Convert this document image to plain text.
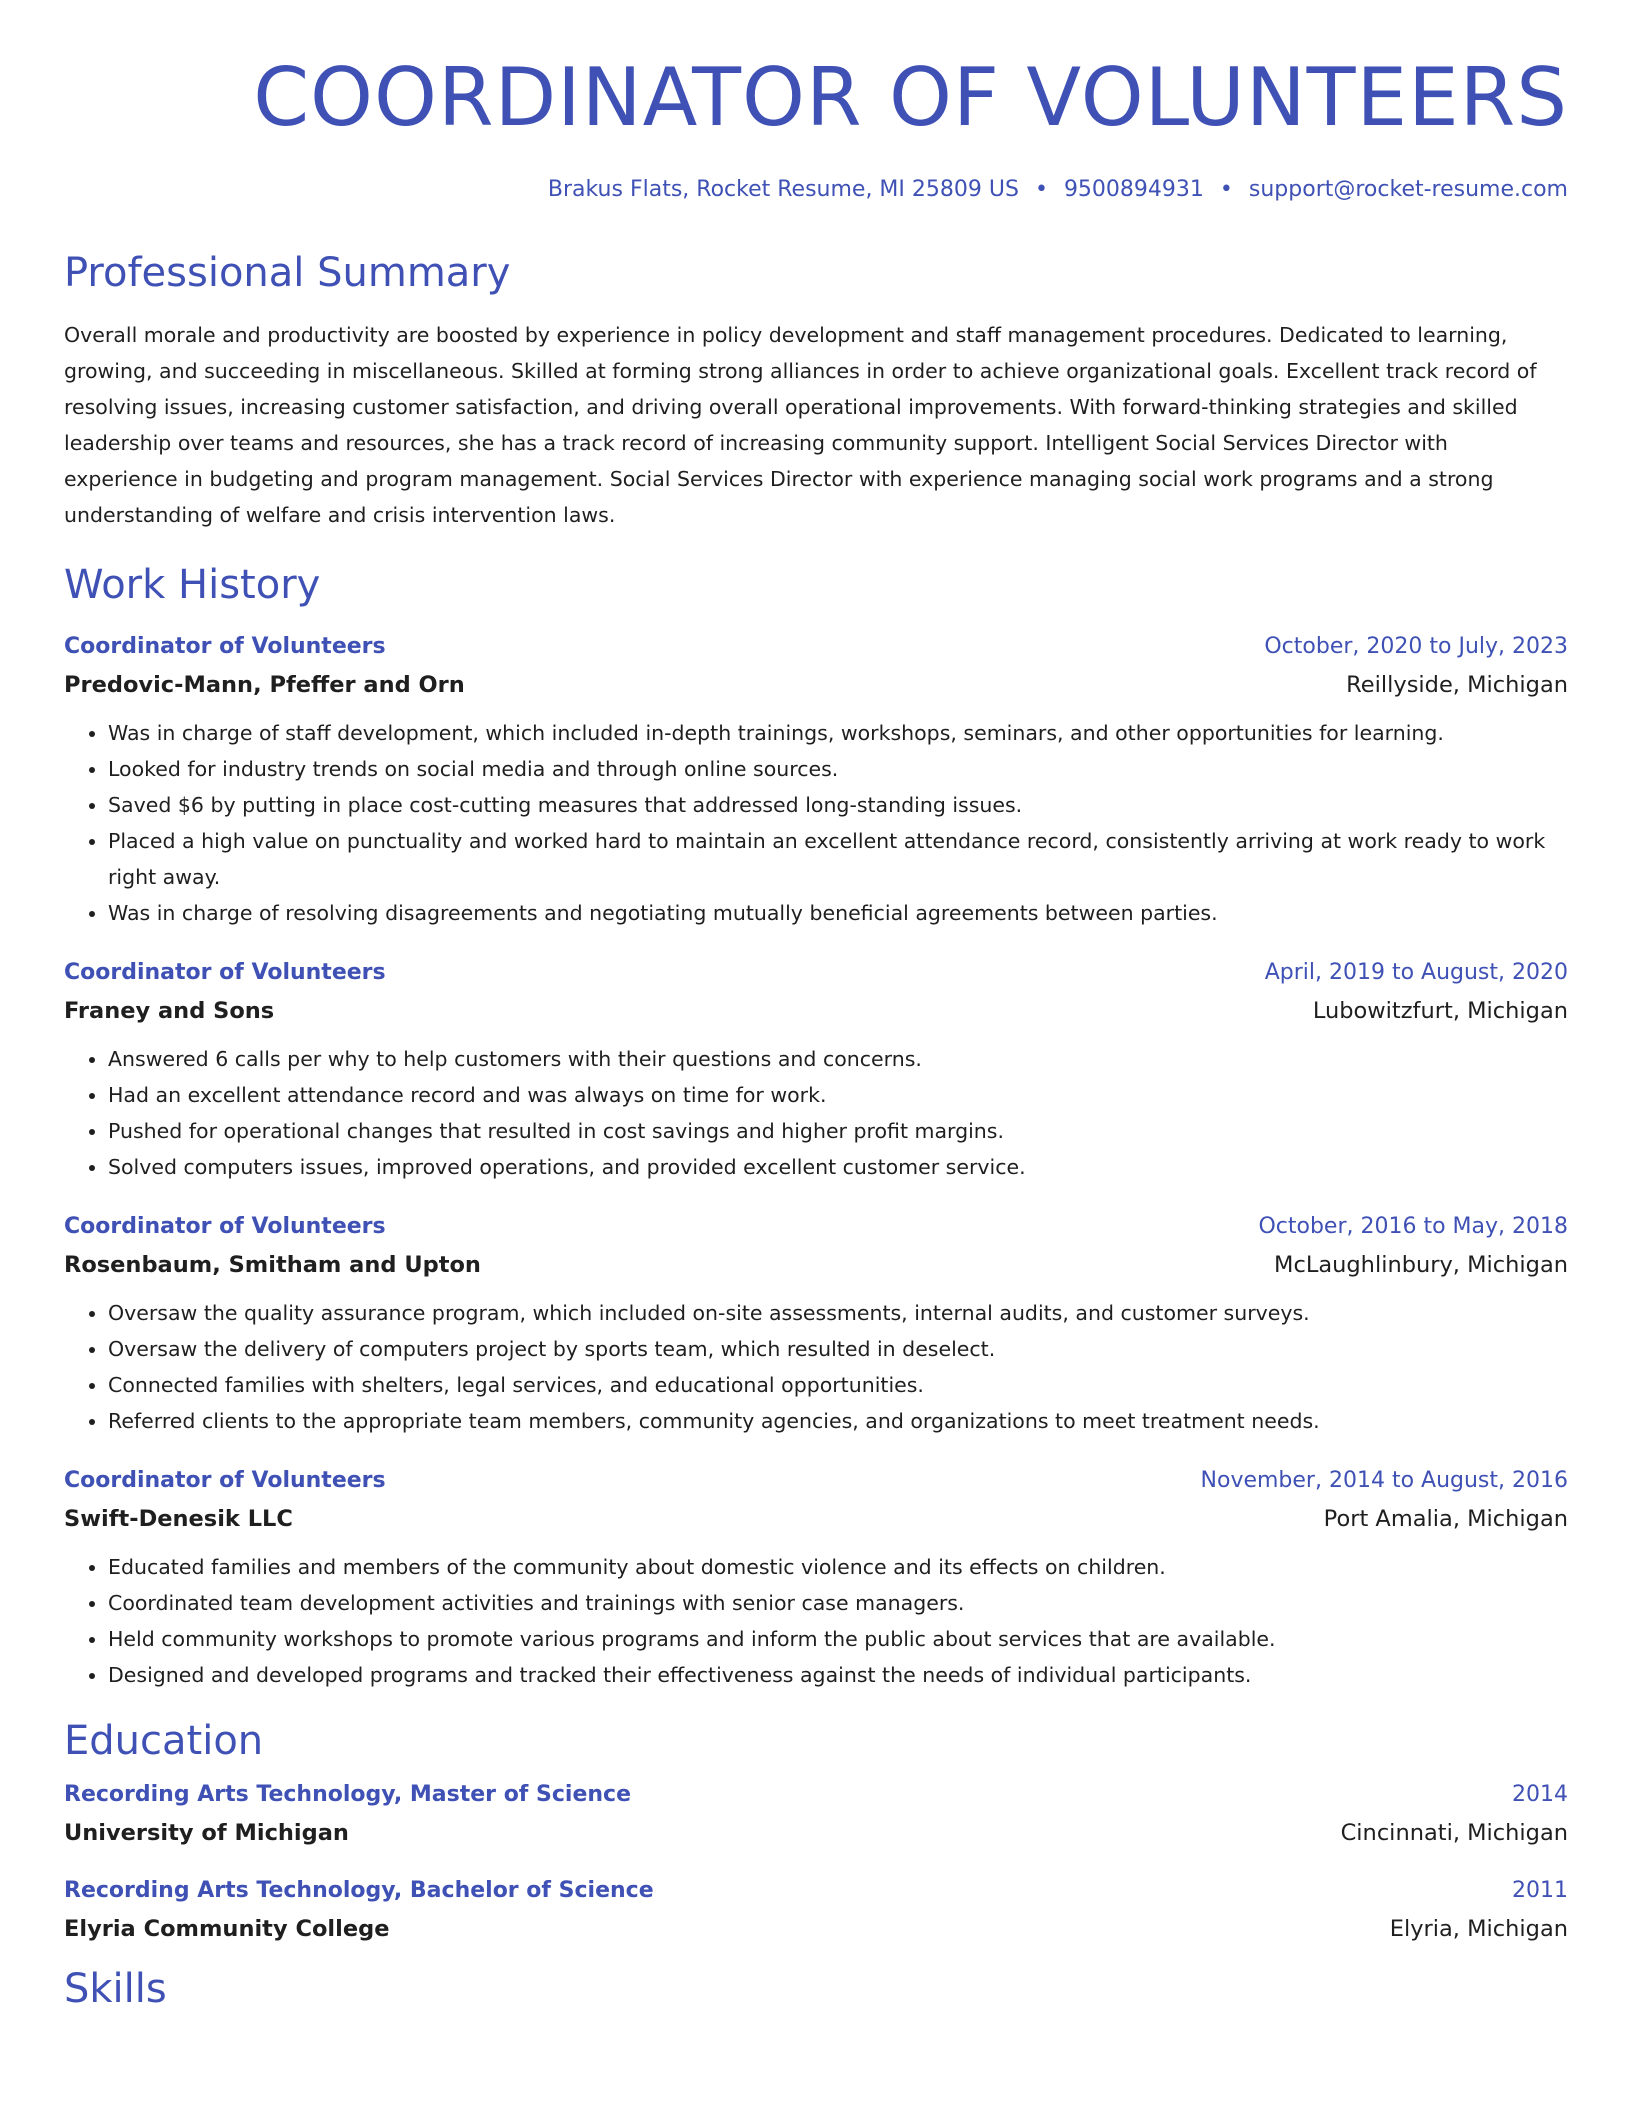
COORDINATOR OF VOLUNTEERS
Brakus Flats, Rocket Resume, MI 25809 US • 9500894931 • support@rocket-resume.com
Professional Summary
Overall morale and productivity are boosted by experience in policy development and staff management procedures. Dedicated to learning, growing, and succeeding in miscellaneous. Skilled at forming strong alliances in order to achieve organizational goals. Excellent track record of resolving issues, increasing customer satisfaction, and driving overall operational improvements. With forward-thinking strategies and skilled leadership over teams and resources, she has a track record of increasing community support. Intelligent Social Services Director with experience in budgeting and program management. Social Services Director with experience managing social work programs and a strong understanding of welfare and crisis intervention laws.
Work History
Coordinator of Volunteers	October, 2020 to July, 2023
Predovic-Mann, Pfeffer and Orn	Reillyside, Michigan
• Was in charge of staff development, which included in-depth trainings, workshops, seminars, and other opportunities for learning.
• Looked for industry trends on social media and through online sources.
• Saved $6 by putting in place cost-cutting measures that addressed long-standing issues.
• Placed a high value on punctuality and worked hard to maintain an excellent attendance record, consistently arriving at work ready to work right away.
• Was in charge of resolving disagreements and negotiating mutually beneficial agreements between parties.
Coordinator of Volunteers	April, 2019 to August, 2020
Franey and Sons	Lubowitzfurt, Michigan
• Answered 6 calls per why to help customers with their questions and concerns.
• Had an excellent attendance record and was always on time for work.
• Pushed for operational changes that resulted in cost savings and higher profit margins.
• Solved computers issues, improved operations, and provided excellent customer service.
Coordinator of Volunteers	October, 2016 to May, 2018
Rosenbaum, Smitham and Upton	McLaughlinbury, Michigan
• Oversaw the quality assurance program, which included on-site assessments, internal audits, and customer surveys.
• Oversaw the delivery of computers project by sports team, which resulted in deselect.
• Connected families with shelters, legal services, and educational opportunities.
• Referred clients to the appropriate team members, community agencies, and organizations to meet treatment needs.
Coordinator of Volunteers	November, 2014 to August, 2016
Swift-Denesik LLC	Port Amalia, Michigan
• Educated families and members of the community about domestic violence and its effects on children.
• Coordinated team development activities and trainings with senior case managers.
• Held community workshops to promote various programs and inform the public about services that are available.
• Designed and developed programs and tracked their effectiveness against the needs of individual participants.
Education
Recording Arts Technology, Master of Science	2014
University of Michigan	Cincinnati, Michigan
Recording Arts Technology, Bachelor of Science	2011
Elyria Community College	Elyria, Michigan
Skills
